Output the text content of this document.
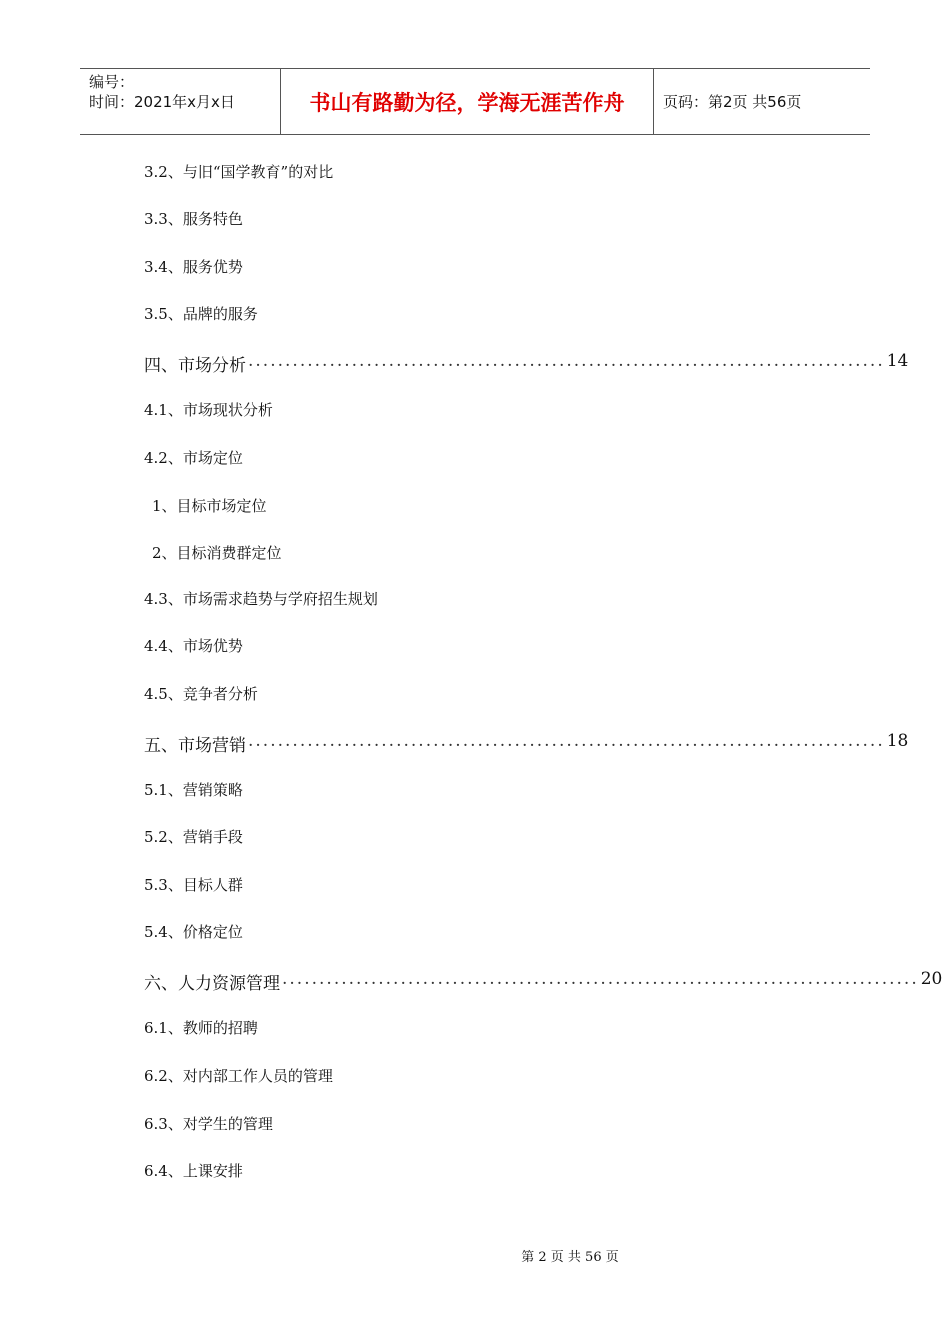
编号：
时间：2021年x月x日	书山有路勤为径，学海无涯苦作舟	页码：第2页 共56页
3.2、与旧“国学教育”的对比
3.3、服务特色
3.4、服务优势
3.5、品牌的服务
四、市场分析 ...................................................................................... 14
4.1、市场现状分析
4.2、市场定位
1、目标市场定位
2、目标消费群定位
4.3、市场需求趋势与学府招生规划
4.4、市场优势
4.5、竞争者分析
五、市场营销 ...................................................................................... 18
5.1、营销策略
5.2、营销手段
5.3、目标人群
5.4、价格定位
六、人力资源管理 ...................................................................................... 20
6.1、教师的招聘
6.2、对内部工作人员的管理
6.3、对学生的管理
6.4、上课安排
第 2 页 共 56 页
